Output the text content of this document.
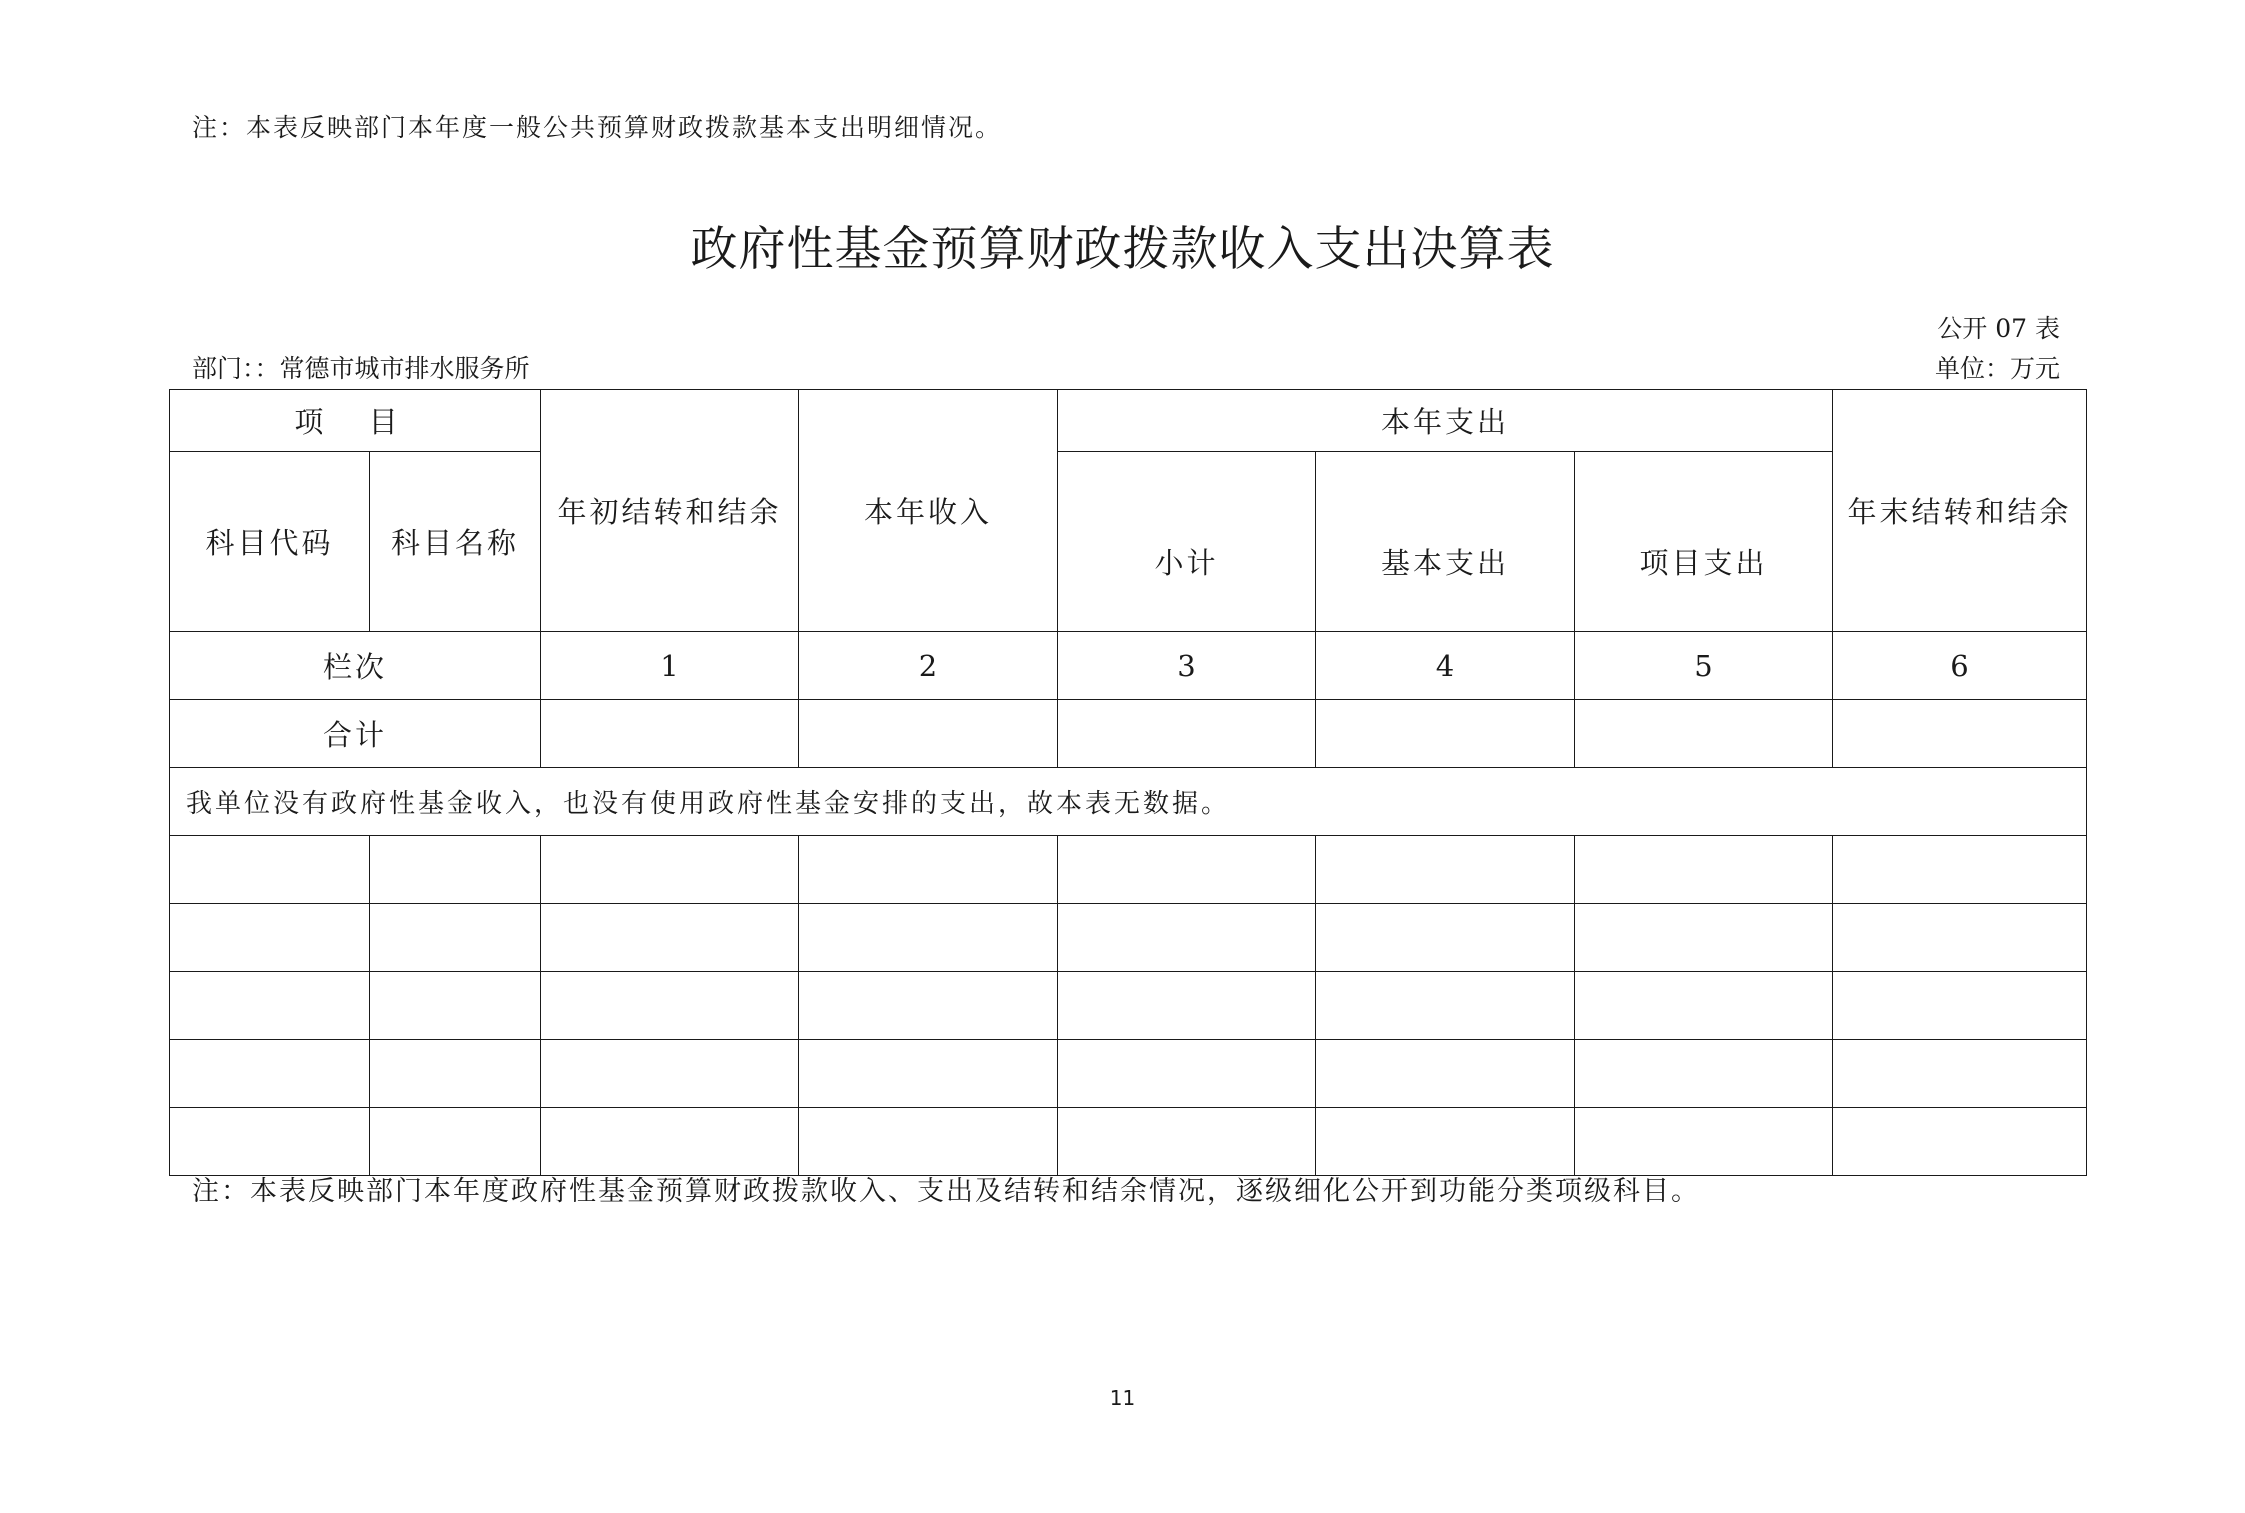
注：本表反映部门本年度一般公共预算财政拨款基本支出明细情况。
政府性基金预算财政拨款收入支出决算表
公开 07 表
部门：：常德市城市排水服务所	单位：万元
项 目		年初结转和结余	本年收入	本年支出			年末结转和结余
科目代码	科目名称			小计	基本支出	项目支出	
栏次		1	2	3	4	5	6
合计							
我单位没有政府性基金收入，也没有使用政府性基金安排的支出，故本表无数据。							

注：本表反映部门本年度政府性基金预算财政拨款收入、支出及结转和结余情况，逐级细化公开到功能分类项级科目。
11
